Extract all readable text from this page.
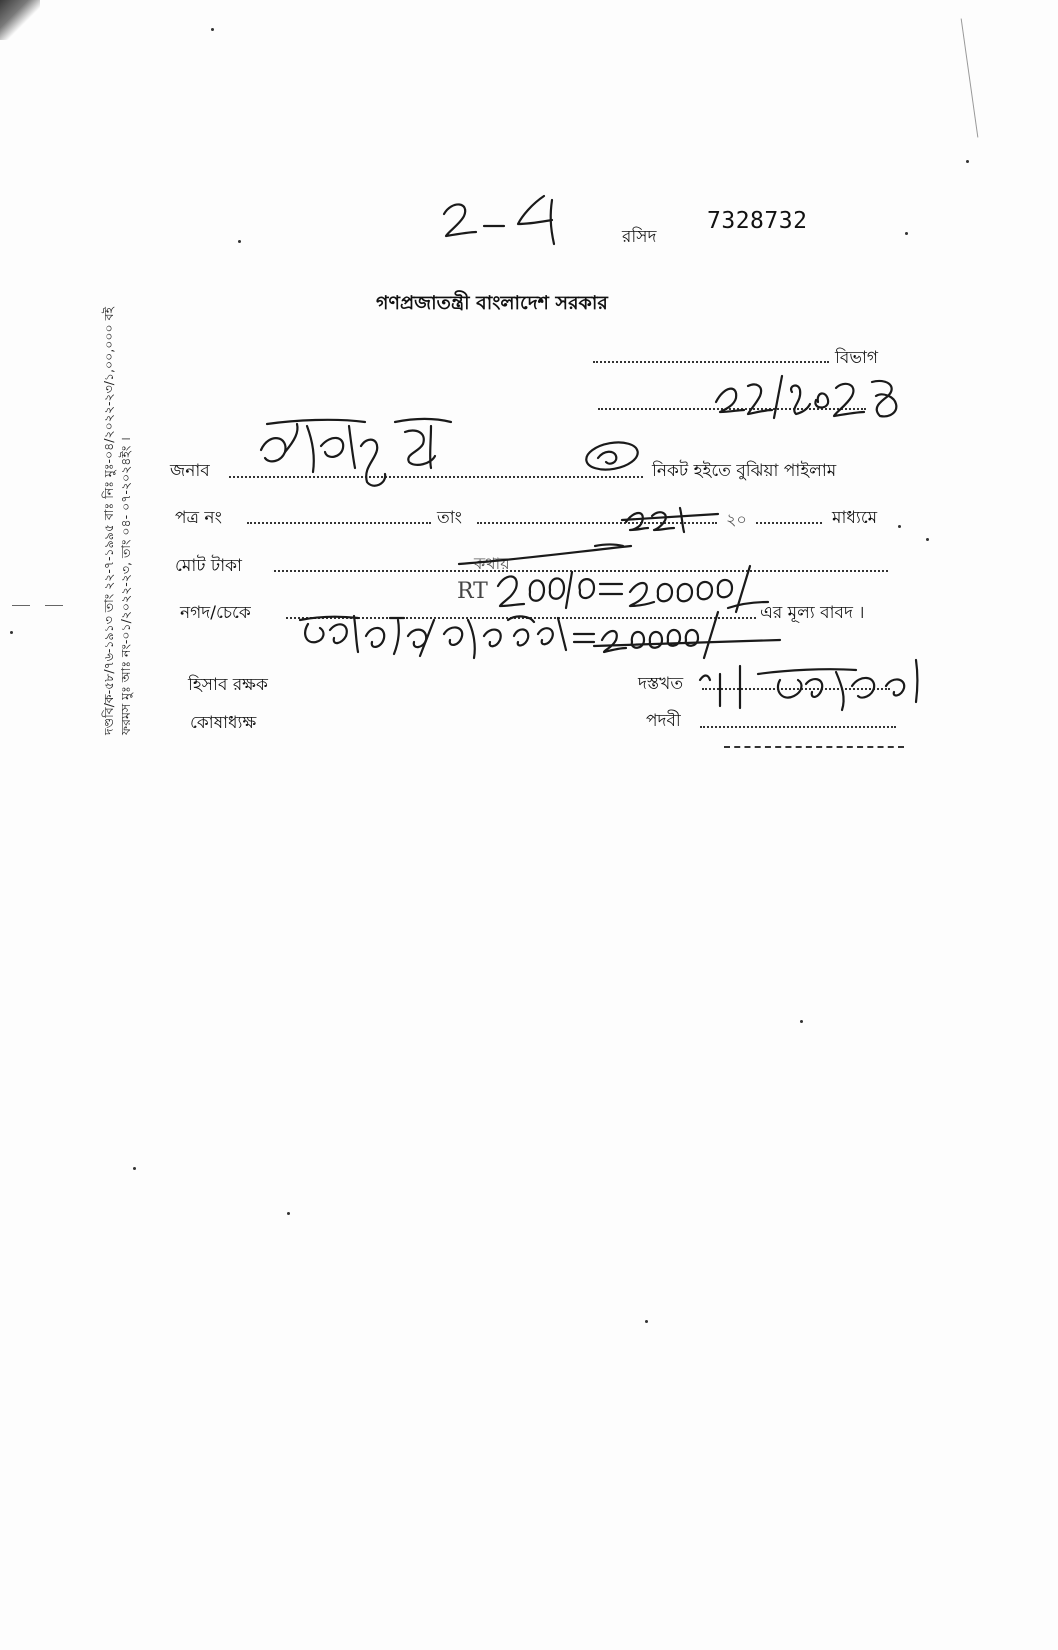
দণ্ডবি/ক-৫৮/৭৬-১৯১৩ তাং ২২-৭-১৯৯৫ বাঃ নিঃ মুঃ-০৪/২০২২-২৩/১,০০,০০০ বই ফরমস মুঃ আঃ নং-০১/২০২২-২৩, তাং ০৪- ০৭-২০২৪ইং ।
রসিদ
7328732
গণপ্রজাতন্ত্রী বাংলাদেশ সরকার
বিভাগ
জনাব	নিকট হইতে বুঝিয়া পাইলাম
পত্র নং	তাং	২০	মাধ্যমে
মোট টাকা	কথায়
RT
নগদ/চেকে	এর মূল্য বাবদ ।
হিসাব রক্ষক	দস্তখত
কোষাধ্যক্ষ	পদবী
